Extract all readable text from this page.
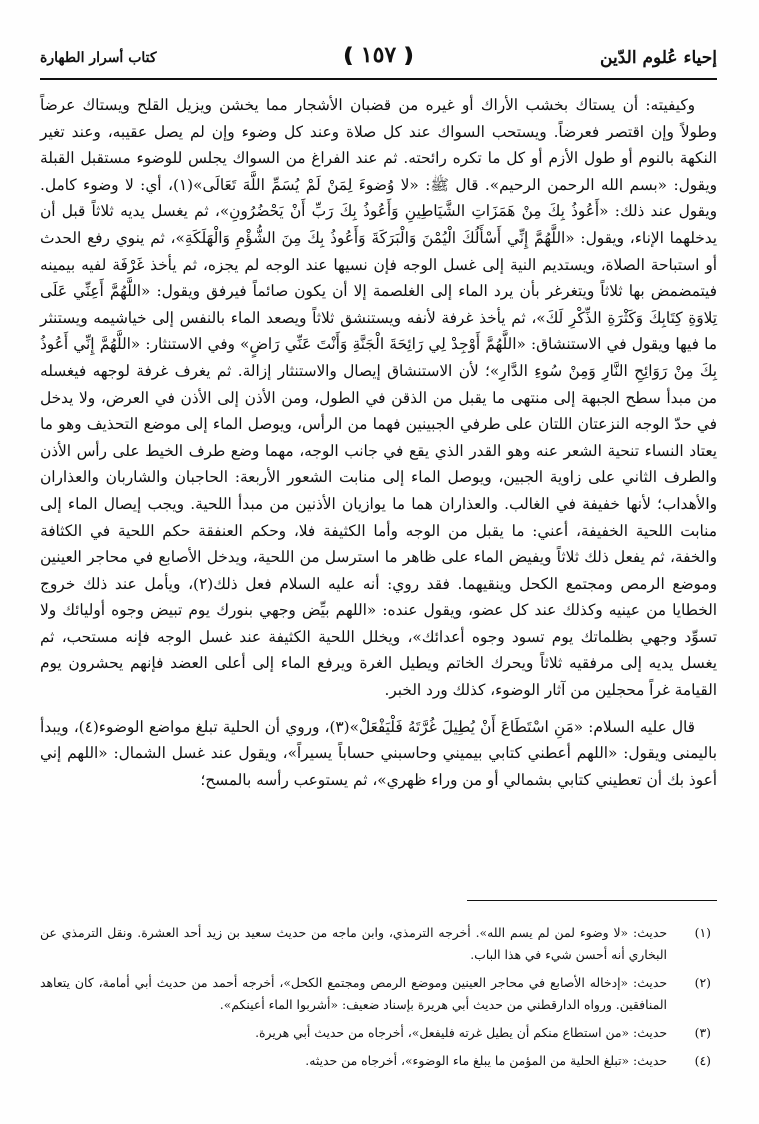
إحياء عُلوم الدّين
❪ ١٥٧ ❫
كتاب أسرار الطهارة

وكيفيته: أن يستاك بخشب الأراك أو غيره من قضبان الأشجار مما يخشن ويزيل القلح ويستاك عرضاً وطولاً وإن اقتصر فعرضاً. ويستحب السواك عند كل صلاة وعند كل وضوء وإن لم يصل عقيبه، وعند تغير النكهة بالنوم أو طول الأزم أو كل ما تكره رائحته. ثم عند الفراغ من السواك يجلس للوضوء مستقبل القبلة ويقول: «بسم الله الرحمن الرحيم». قال ﷺ: «لا وُضوءَ لِمَنْ لَمْ يُسَمِّ اللَّهَ تَعَالَى»(١)، أي: لا وضوء كامل. ويقول عند ذلك: «أَعُوذُ بِكَ مِنْ هَمَزَاتِ الشَّيَاطِينِ وَأَعُوذُ بِكَ رَبِّ أَنْ يَحْضُرُونِ»، ثم يغسل يديه ثلاثاً قبل أن يدخلهما الإناء، ويقول: «اللَّهُمَّ إِنِّي أَسْأَلُكَ الْيُمْنَ وَالْبَرَكَةَ وَأَعُوذُ بِكَ مِنَ الشُّؤْمِ وَالْهَلَكَةِ»، ثم ينوي رفع الحدث أو استباحة الصلاة، ويستديم النية إلى غسل الوجه فإن نسيها عند الوجه لم يجزه، ثم يأخذ غَرْفَة لفيه بيمينه فيتمضمض بها ثلاثاً ويتغرغر بأن يرد الماء إلى الغلصمة إلا أن يكون صائماً فيرفق ويقول: «اللَّهُمَّ أَعِنِّي عَلَى تِلاوَةِ كِتَابِكَ وَكَثْرَةِ الذِّكْرِ لَكَ»، ثم يأخذ غرفة لأنفه ويستنشق ثلاثاً ويصعد الماء بالنفس إلى خياشيمه ويستنثر ما فيها ويقول في الاستنشاق: «اللَّهُمَّ أَوْجِدْ لِي رَائِحَةَ الْجَنَّةِ وَأَنْتَ عَنِّي رَاضٍ» وفي الاستنثار: «اللَّهُمَّ إِنِّي أَعُوذُ بِكَ مِنْ رَوَائِحِ النَّارِ وَمِنْ سُوءِ الدَّارِ»؛ لأن الاستنشاق إيصال والاستنثار إزالة. ثم يغرف غرفة لوجهه فيغسله من مبدأ سطح الجبهة إلى منتهى ما يقبل من الذقن في الطول، ومن الأذن إلى الأذن في العرض، ولا يدخل في حدّ الوجه النزعتان اللتان على طرفي الجبينين فهما من الرأس، ويوصل الماء إلى موضع التحذيف وهو ما يعتاد النساء تنحية الشعر عنه وهو القدر الذي يقع في جانب الوجه، مهما وضع طرف الخيط على رأس الأذن والطرف الثاني على زاوية الجبين، ويوصل الماء إلى منابت الشعور الأربعة: الحاجبان والشاربان والعذاران والأهداب؛ لأنها خفيفة في الغالب. والعذاران هما ما يوازيان الأذنين من مبدأ اللحية. ويجب إيصال الماء إلى منابت اللحية الخفيفة، أعني: ما يقبل من الوجه وأما الكثيفة فلا، وحكم العنفقة حكم اللحية في الكثافة والخفة، ثم يفعل ذلك ثلاثاً ويفيض الماء على ظاهر ما استرسل من اللحية، ويدخل الأصابع في محاجر العينين وموضع الرمص ومجتمع الكحل وينقيهما. فقد روي: أنه عليه السلام فعل ذلك(٢)، ويأمل عند ذلك خروج الخطايا من عينيه وكذلك عند كل عضو، ويقول عنده: «اللهم بيِّض وجهي بنورك يوم تبيض وجوه أوليائك ولا تسوِّد وجهي بظلماتك يوم تسود وجوه أعدائك»، ويخلل اللحية الكثيفة عند غسل الوجه فإنه مستحب، ثم يغسل يديه إلى مرفقيه ثلاثاً ويحرك الخاتم ويطيل الغرة ويرفع الماء إلى أعلى العضد فإنهم يحشرون يوم القيامة غراً محجلين من آثار الوضوء، كذلك ورد الخبر.

قال عليه السلام: «مَنِ اسْتَطَاعَ أَنْ يُطِيلَ غُرَّتَهُ فَلْيَفْعَلْ»(٣)، وروي أن الحلية تبلغ مواضع الوضوء(٤)، ويبدأ باليمنى ويقول: «اللهم أعطني كتابي بيميني وحاسبني حساباً يسيراً»، ويقول عند غسل الشمال: «اللهم إني أعوذ بك أن تعطيني كتابي بشمالي أو من وراء ظهري»، ثم يستوعب رأسه بالمسح؛

(١)
حديث: «لا وضوء لمن لم يسم الله». أخرجه الترمذي، وابن ماجه من حديث سعيد بن زيد أحد العشرة. ونقل الترمذي عن البخاري أنه أحسن شيء في هذا الباب.
(٢)
حديث: «إدخاله الأصابع في محاجر العينين وموضع الرمص ومجتمع الكحل»، أخرجه أحمد من حديث أبي أمامة، كان يتعاهد المنافقين. ورواه الدارقطني من حديث أبي هريرة بإسناد ضعيف: «أشربوا الماء أعينكم».
(٣)
حديث: «من استطاع منكم أن يطيل غرته فليفعل»، أخرجاه من حديث أبي هريرة.
(٤)
حديث: «تبلغ الحلية من المؤمن ما يبلغ ماء الوضوء»، أخرجاه من حديثه.
